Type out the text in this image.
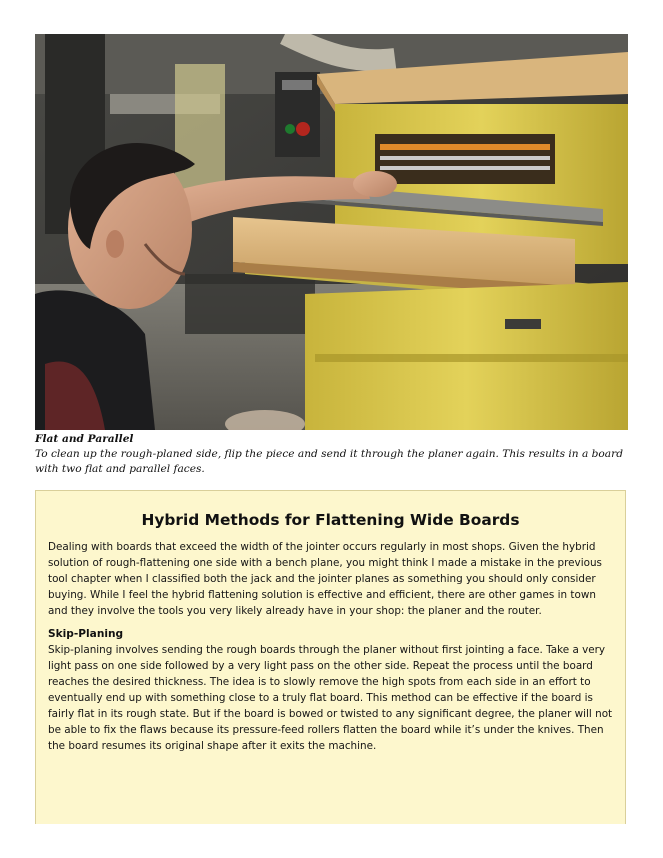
Flat and Parallel
To clean up the rough-planed side, flip the piece and send it through the planer again. This results in a board with two flat and parallel faces.
Hybrid Methods for Flattening Wide Boards

Dealing with boards that exceed the width of the jointer occurs regularly in most shops. Given the hybrid solution of rough-flattening one side with a bench plane, you might think I made a mistake in the previous tool chapter when I classified both the jack and the jointer planes as something you should only consider buying. While I feel the hybrid flattening solution is effective and efficient, there are other games in town and they involve the tools you very likely already have in your shop: the planer and the router.

Skip-Planing

Skip-planing involves sending the rough boards through the planer without first jointing a face. Take a very light pass on one side followed by a very light pass on the other side. Repeat the process until the board reaches the desired thickness. The idea is to slowly remove the high spots from each side in an effort to eventually end up with something close to a truly flat board. This method can be effective if the board is fairly flat in its rough state. But if the board is bowed or twisted to any significant degree, the planer will not be able to fix the flaws because its pressure-feed rollers flatten the board while it’s under the knives. Then the board resumes its original shape after it exits the machine.
